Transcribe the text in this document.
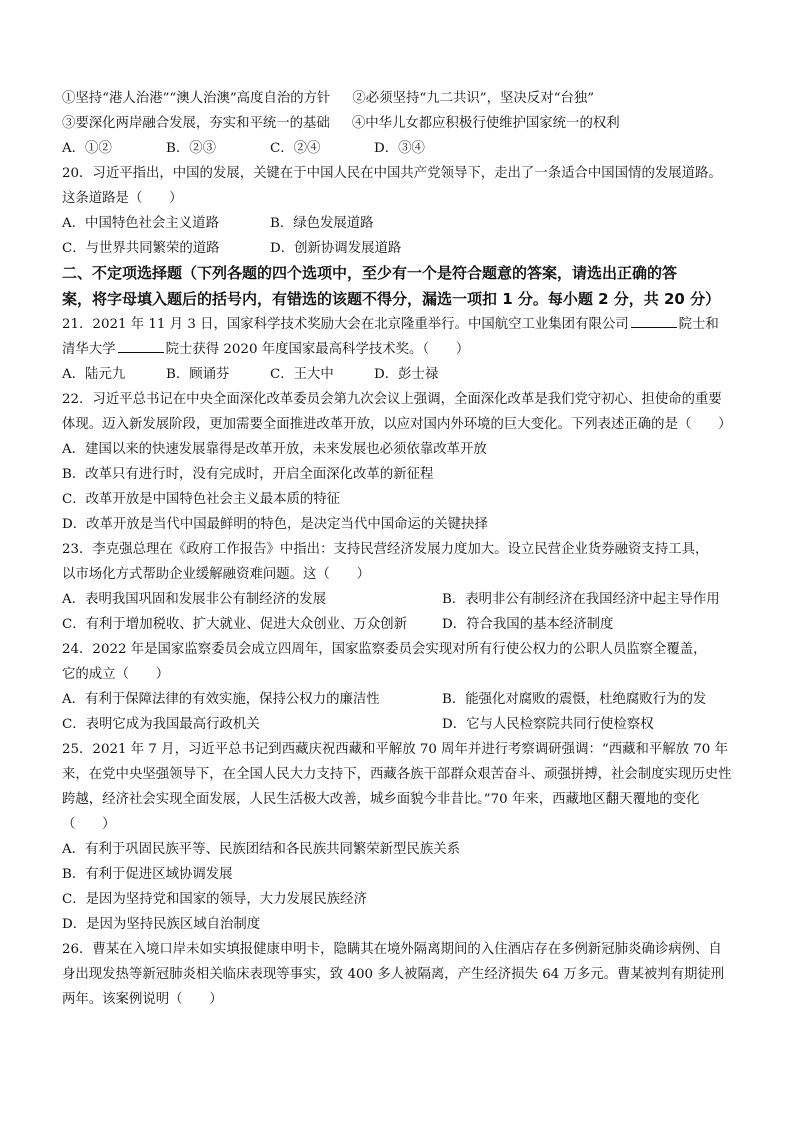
①坚持“港人治港”“澳人治澳”高度自治的方针 ②必须坚持“九二共识”，坚决反对“台独”
③要深化两岸融合发展，夯实和平统一的基础 ④中华儿女都应积极行使维护国家统一的权利
A．①②	B．②③	C．②④	D．③④
20．习近平指出，中国的发展，关键在于中国人民在中国共产党领导下，走出了一条适合中国国情的发展道路。
这条道路是（　　）
A．中国特色社会主义道路	B．绿色发展道路
C．与世界共同繁荣的道路	D．创新协调发展道路
二、不定项选择题（下列各题的四个选项中，至少有一个是符合题意的答案，请选出正确的答
案，将字母填入题后的括号内，有错选的该题不得分，漏选一项扣 1 分。每小题 2 分，共 20 分）
21．2021 年 11 月 3 日，国家科学技术奖励大会在北京隆重举行。中国航空工业集团有限公司	院士和
清华大学	院士获得 2020 年度国家最高科学技术奖。（　　）
A．陆元九	B．顾诵芬	C．王大中	D．彭士禄
22．习近平总书记在中央全面深化改革委员会第九次会议上强调，全面深化改革是我们党守初心、担使命的重要体现。迈入新发展阶段，更加需要全面推进改革开放，以应对国内外环境的巨大变化。下列表述正确的是（　　）
A．建国以来的快速发展靠得是改革开放，未来发展也必须依靠改革开放
B．改革只有进行时，没有完成时，开启全面深化改革的新征程
C．改革开放是中国特色社会主义最本质的特征
D．改革开放是当代中国最鲜明的特色，是决定当代中国命运的关键抉择
23．李克强总理在《政府工作报告》中指出：支持民营经济发展力度加大。设立民营企业货券融资支持工具，
以市场化方式帮助企业缓解融资难问题。这（　　）
A．表明我国巩固和发展非公有制经济的发展	B．表明非公有制经济在我国经济中起主导作用
C．有利于增加税收、扩大就业、促进大众创业、万众创新	D．符合我国的基本经济制度
24．2022 年是国家监察委员会成立四周年，国家监察委员会实现对所有行使公权力的公职人员监察全覆盖，
它的成立（　　）
A．有利于保障法律的有效实施，保持公权力的廉洁性	B．能强化对腐败的震慑，杜绝腐败行为的发
C．表明它成为我国最高行政机关	D．它与人民检察院共同行使检察权
25．2021 年 7 月，习近平总书记到西藏庆祝西藏和平解放 70 周年并进行考察调研强调：“西藏和平解放 70 年来，在党中央坚强领导下，在全国人民大力支持下，西藏各族干部群众艰苦奋斗、顽强拼搏，社会制度实现历史性跨越，经济社会实现全面发展，人民生活极大改善，城乡面貌今非昔比。”70 年来，西藏地区翻天覆地的变化（　　）
A．有利于巩固民族平等、民族团结和各民族共同繁荣新型民族关系
B．有利于促进区域协调发展
C．是因为坚持党和国家的领导，大力发展民族经济
D．是因为坚持民族区域自治制度
26．曹某在入境口岸未如实填报健康申明卡，隐瞒其在境外隔离期间的入住酒店存在多例新冠肺炎确诊病例、自身出现发热等新冠肺炎相关临床表现等事实，致 400 多人被隔离，产生经济损失 64 万多元。曹某被判有期徒刑两年。该案例说明（　　）
